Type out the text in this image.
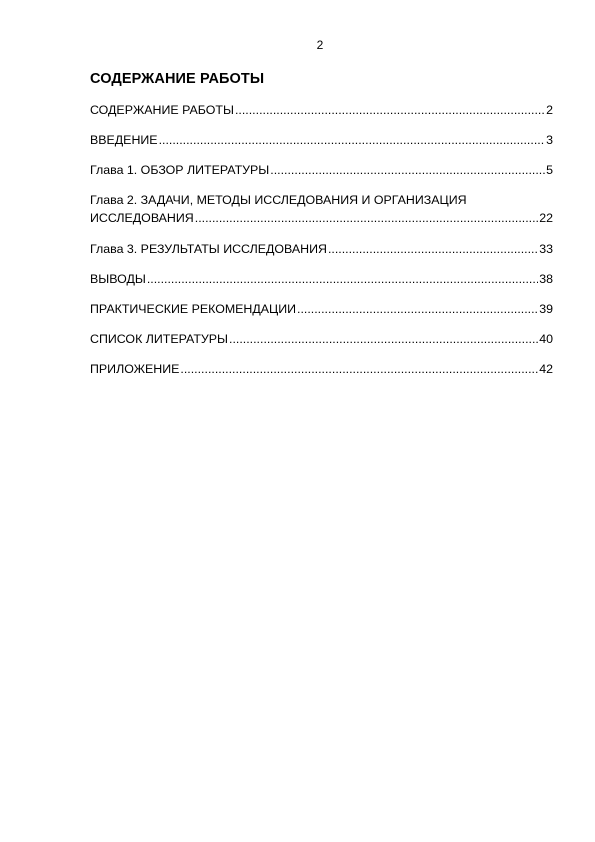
2
СОДЕРЖАНИЕ РАБОТЫ
СОДЕРЖАНИЕ РАБОТЫ .....	2
ВВЕДЕНИЕ .....	3
Глава 1. ОБЗОР ЛИТЕРАТУРЫ .....	5
Глава 2. ЗАДАЧИ, МЕТОДЫ ИССЛЕДОВАНИЯ И ОРГАНИЗАЦИЯ
ИССЛЕДОВАНИЯ .....	22
Глава 3. РЕЗУЛЬТАТЫ ИССЛЕДОВАНИЯ .....	33
ВЫВОДЫ .....	38
ПРАКТИЧЕСКИЕ РЕКОМЕНДАЦИИ .....	39
СПИСОК ЛИТЕРАТУРЫ .....	40
ПРИЛОЖЕНИЕ .....	42
